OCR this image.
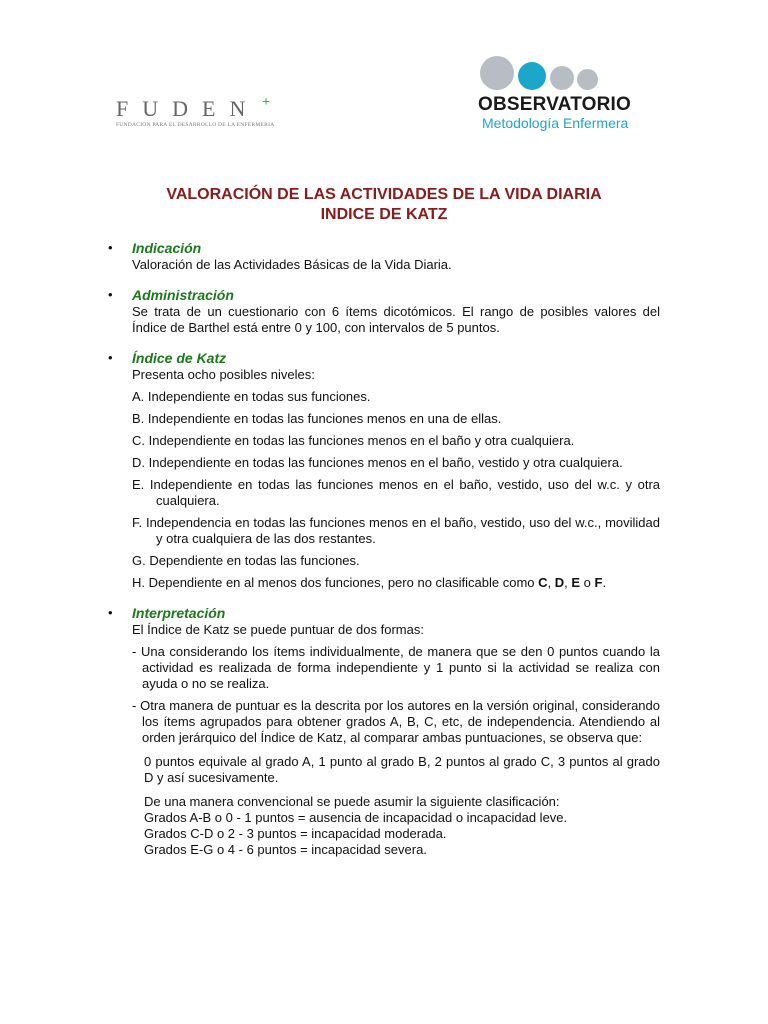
FUDEN +
FUNDACION PARA EL DESARROLLO DE LA ENFERMERIA
OBSERVATORIO
Metodología Enfermera
VALORACIÓN DE LAS ACTIVIDADES DE LA VIDA DIARIA
INDICE DE KATZ
• Indicación
Valoración de las Actividades Básicas de la Vida Diaria.
• Administración
Se trata de un cuestionario con 6 ítems dicotómicos. El rango de posibles valores del Índice de Barthel está entre 0 y 100, con intervalos de 5 puntos.
• Índice de Katz
Presenta ocho posibles niveles:
A. Independiente en todas sus funciones.
B. Independiente en todas las funciones menos en una de ellas.
C. Independiente en todas las funciones menos en el baño y otra cualquiera.
D. Independiente en todas las funciones menos en el baño, vestido y otra cualquiera.
E. Independiente en todas las funciones menos en el baño, vestido, uso del w.c. y otra cualquiera.
F. Independencia en todas las funciones menos en el baño, vestido, uso del w.c., movilidad y otra cualquiera de las dos restantes.
G. Dependiente en todas las funciones.
H. Dependiente en al menos dos funciones, pero no clasificable como C, D, E o F.
• Interpretación
El Índice de Katz se puede puntuar de dos formas:
- Una considerando los ítems individualmente, de manera que se den 0 puntos cuando la actividad es realizada de forma independiente y 1 punto si la actividad se realiza con ayuda o no se realiza.
- Otra manera de puntuar es la descrita por los autores en la versión original, considerando los ítems agrupados para obtener grados A, B, C, etc, de independencia. Atendiendo al orden jerárquico del Índice de Katz, al comparar ambas puntuaciones, se observa que:
0 puntos equivale al grado A, 1 punto al grado B, 2 puntos al grado C, 3 puntos al grado D y así sucesivamente.
De una manera convencional se puede asumir la siguiente clasificación:
Grados A-B o 0 - 1 puntos = ausencia de incapacidad o incapacidad leve.
Grados C-D o 2 - 3 puntos = incapacidad moderada.
Grados E-G o 4 - 6 puntos = incapacidad severa.
